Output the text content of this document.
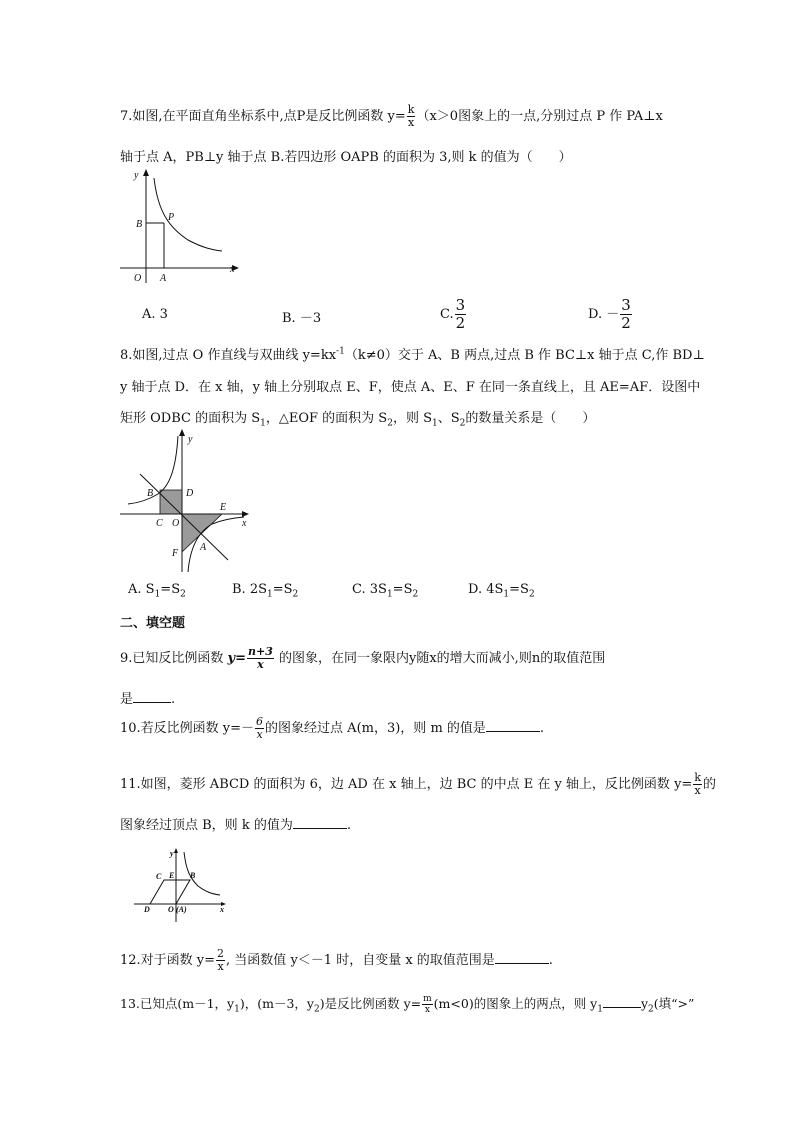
7.如图,在平面直角坐标系中,点P是反比例函数 $y= \frac{k}{x} (x>0$图象上的一点,分别过点 P 作 PA⊥x
轴于点 A，PB⊥y 轴于点 B.若四边形 OAPB 的面积为 3,则 k 的值为（　　）
y
x
B
P
O A
A. 3	B. －3	C. $\frac{3}{2}$	D. － $\frac{3}{2}$
8.如图,过点 O 作直线与双曲线 $y=kx^{-1}(k\ne 0)$交于 A、B 两点,过点 B 作 BC⊥x 轴于点 C,作 BD⊥
y 轴于点 D．在 x 轴，y 轴上分别取点 E、F，使点 A、E、F 在同一条直线上，且 AE=AF．设图中
矩形 ODBC 的面积为 $S_1$，△EOF 的面积为 $S_2$，则 $S_1$、$S_2$的数量关系是（　　）
y
x
B	D
E
C O
F
A
A. $S_1=S_2$	B. $2S_1=S_2$	C. $3S_1=S_2$	D. $4S_1=S_2$
二、填空题
9.已知反比例函数 $y= \frac{n+3}{x}$ 的图象，在同一象限内y随x的增大而减小,则n的取值范围
是	.
10.若反比例函数 $y=- \frac{6}{x}$ 的图象经过点 A(m，3)，则 m 的值是	.
11.如图，菱形 ABCD 的面积为 6，边 AD 在 x 轴上，边 BC 的中点 E 在 y 轴上，反比例函数 $y= \frac{k}{x}$ 的
图象经过顶点 B，则 k 的值为	.
y
C E B
D O (A)	x
12.对于函数 $y= \frac{2}{x}$ , 当函数值 y＜－1 时，自变量 x 的取值范围是	.
13.已知点(m－1，$y_1$)，(m－3，$y_2$)是反比例函数 $y= \frac{m}{x} (m<0)$的图象上的两点，则 $y_1$	$y_2$(填“>”
